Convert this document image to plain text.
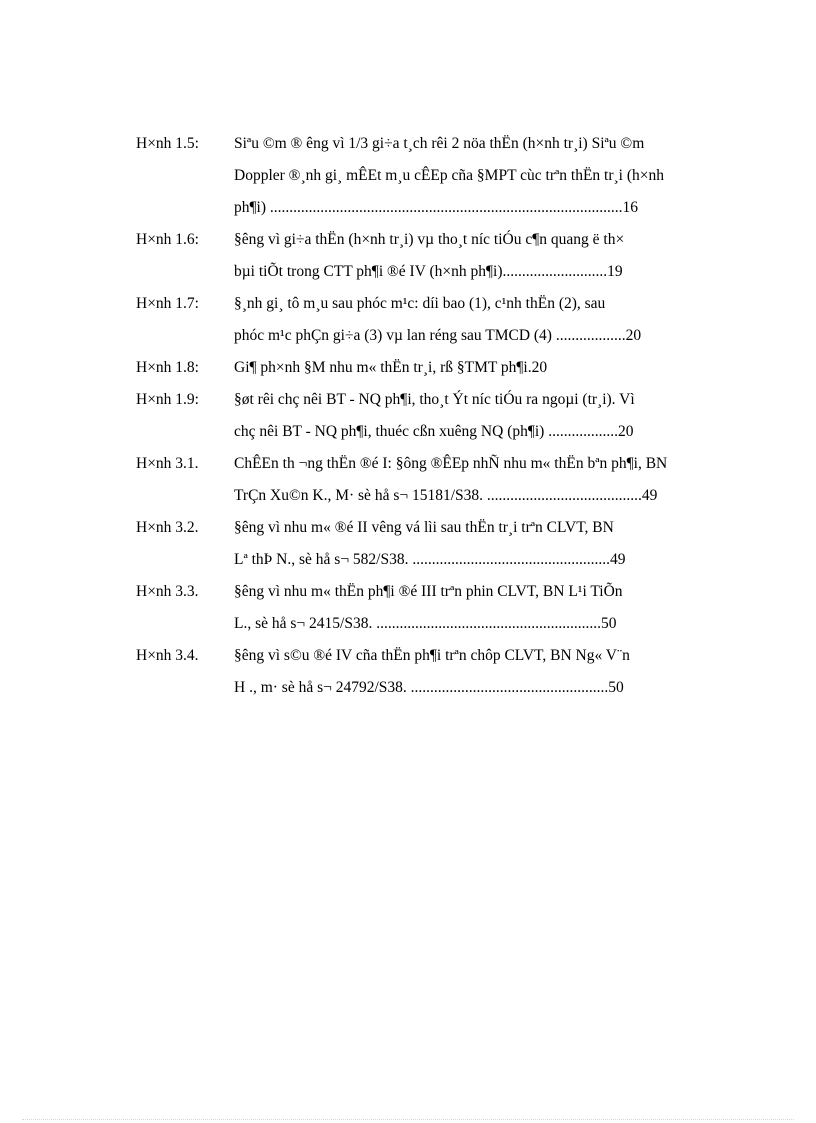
H×nh 1.5:	Siªu ©m ® êng vì 1/3 gi÷a t¸ch rêi 2 nöa thËn (h×nh tr¸i) Siªu ©m
Doppler ®¸nh gi¸ mÊEt m¸u cÊEp cña §MPT cùc trªn thËn tr¸i (h×nh
ph¶i) ...........................................................................................16
H×nh 1.6:	§êng vì gi÷a thËn (h×nh tr¸i) vµ tho¸t níc tiÓu c¶n quang ë th×
bµi tiÕt trong CTT ph¶i ®é IV (h×nh ph¶i)...........................19
H×nh 1.7:	§¸nh gi¸ tô m¸u sau phóc m¹c: díi bao (1), c¹nh thËn (2), sau
phóc m¹c phÇn gi÷a (3) vµ lan réng sau TMCD (4) ..................20
H×nh 1.8:	Gi¶ ph×nh §M nhu m« thËn tr¸i, rß §TMT ph¶i.20
H×nh 1.9:	§øt rêi chç nêi BT - NQ ph¶i, tho¸t Ýt níc tiÓu ra ngoµi (tr¸i). Vì
chç nêi BT - NQ ph¶i, thuéc cßn xuêng NQ (ph¶i) ..................20
H×nh 3.1.	ChÊEn th ¬ng thËn ®é I: §ông ®ÊEp nhÑ nhu m« thËn bªn ph¶i, BN
TrÇn Xu©n K., M· sè hå s¬ 15181/S38. ........................................49
H×nh 3.2.	§êng vì nhu m« ®é II vêng vá lìi sau thËn tr¸i trªn CLVT, BN
Lª thÞ N., sè hå s¬ 582/S38. ...................................................49
H×nh 3.3.	§êng vì nhu m« thËn ph¶i ®é III trªn phin CLVT, BN L¹i TiÕn
L., sè hå s¬ 2415/S38. ..........................................................50
H×nh 3.4.	§êng vì s©u ®é IV cña thËn ph¶i trªn chôp CLVT, BN Ng« V¨n
H ., m· sè hå s¬ 24792/S38. ...................................................50
